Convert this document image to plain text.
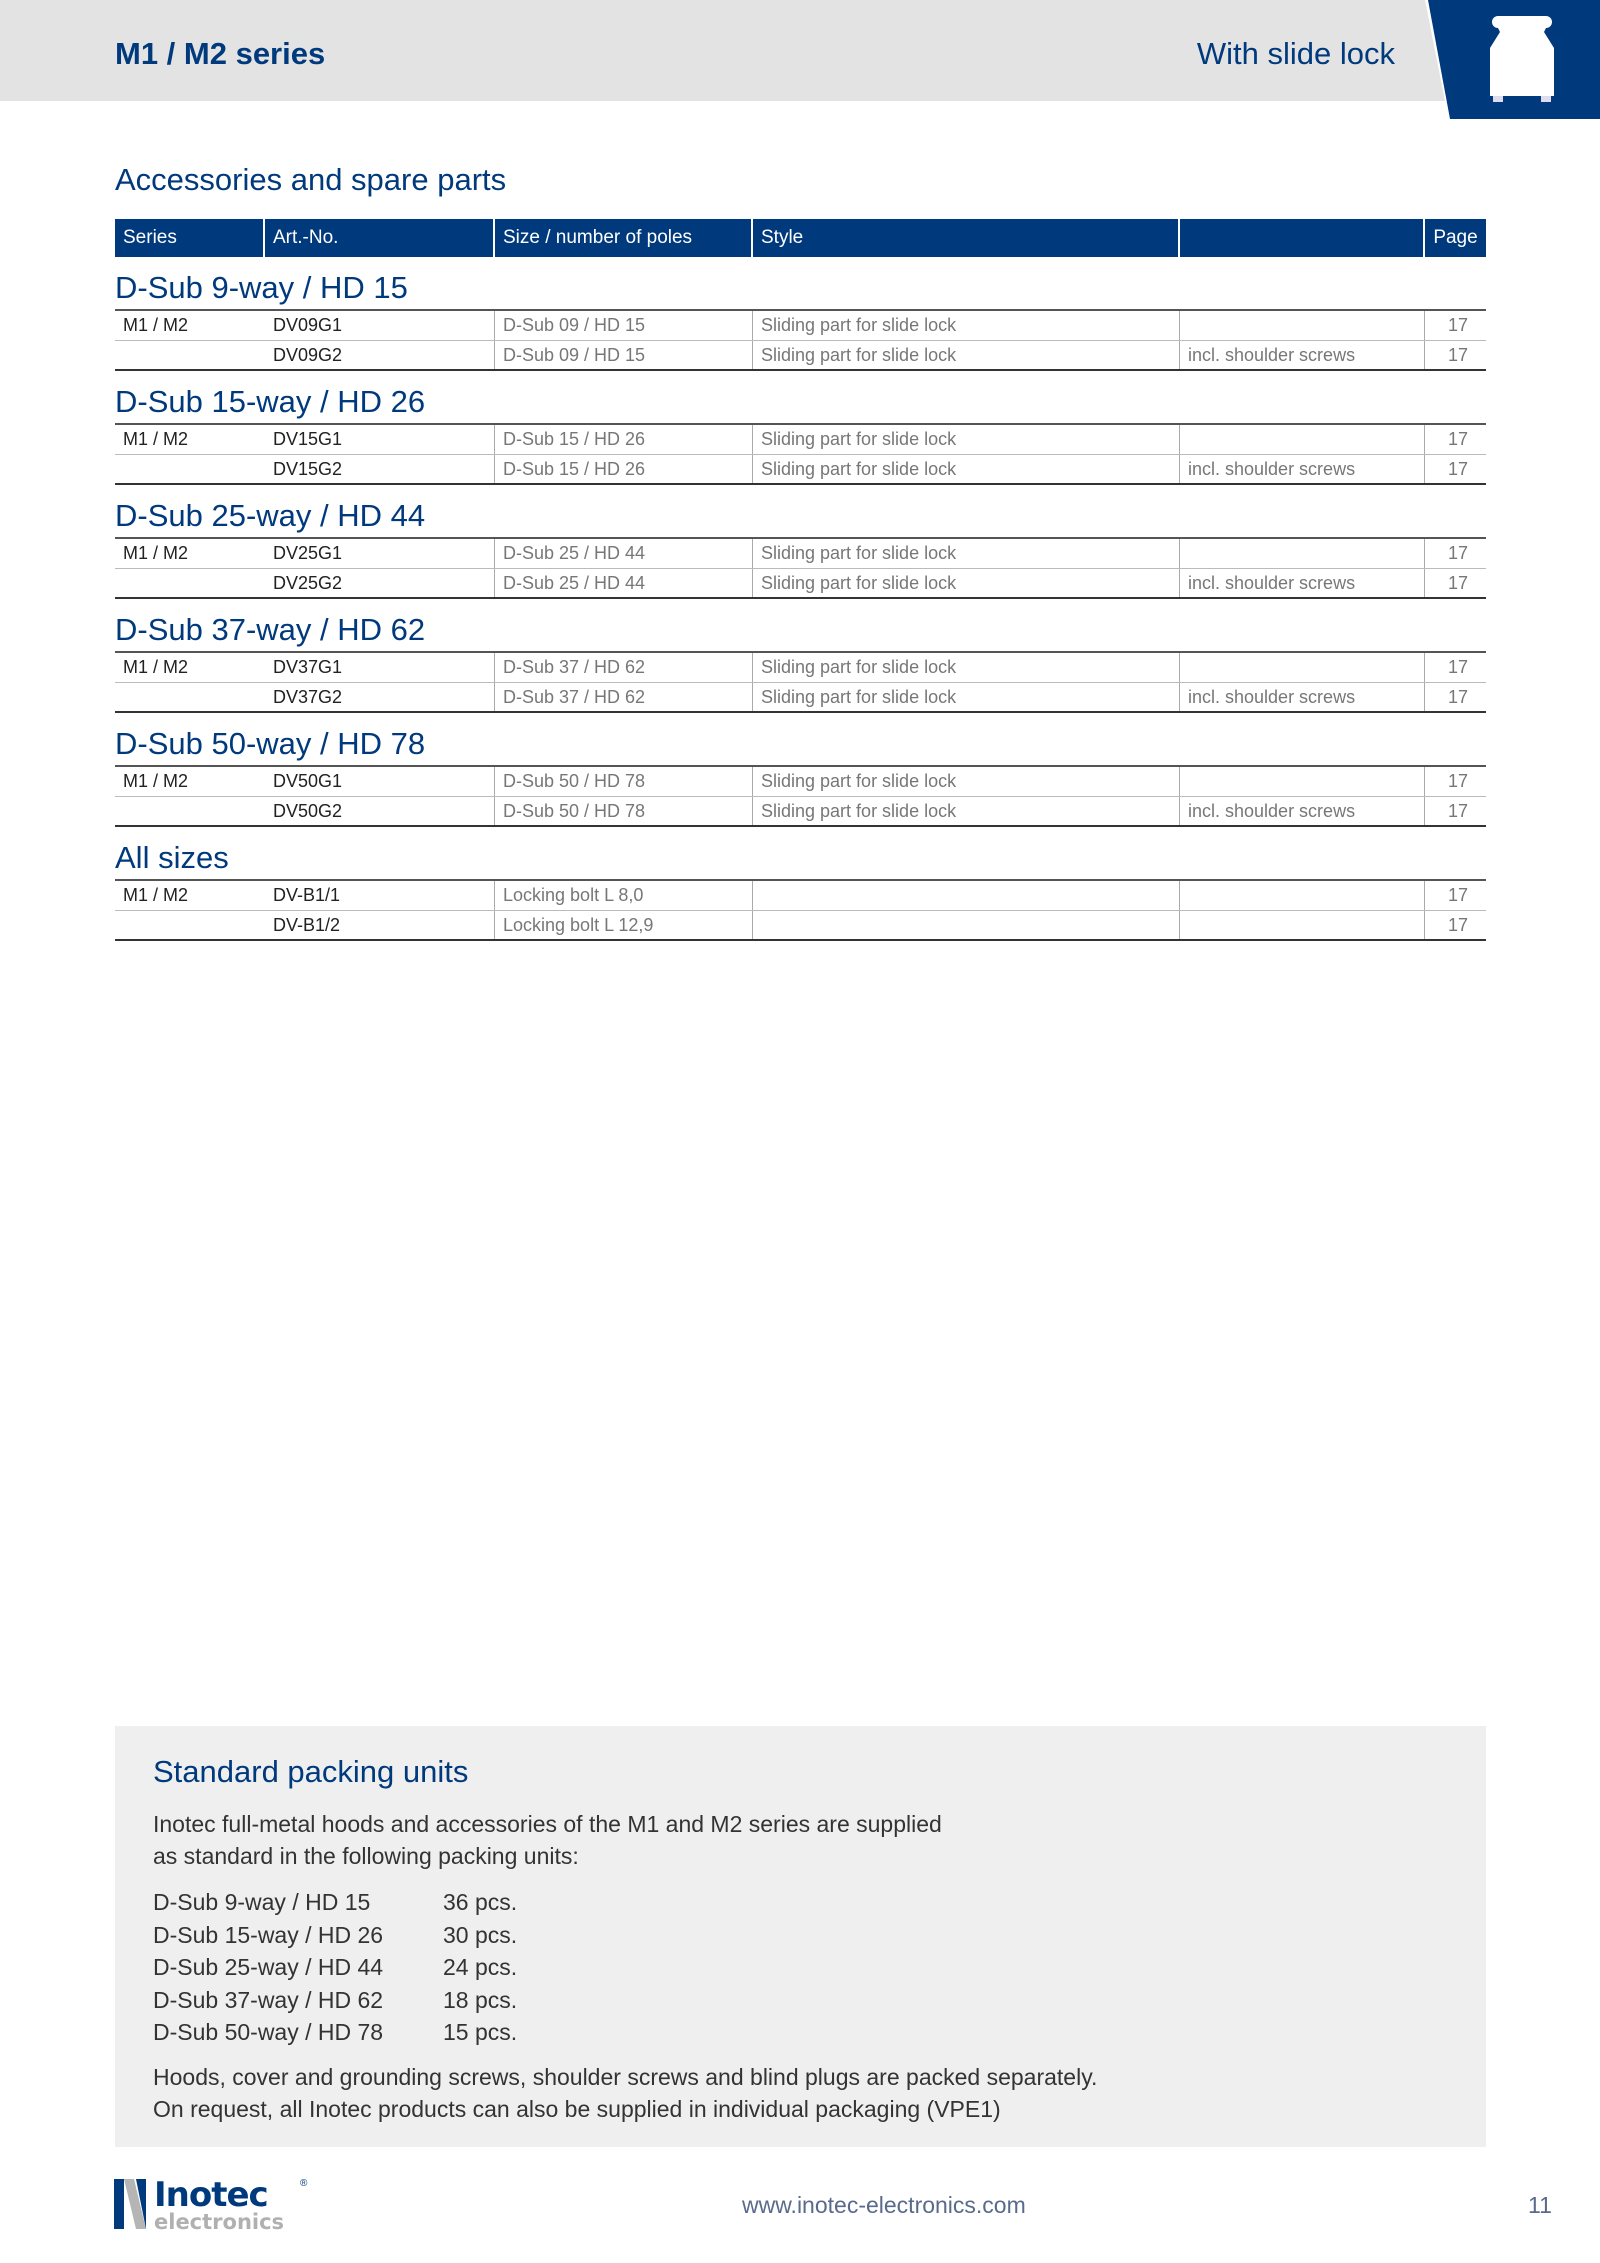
M1 / M2 series	With slide lock
Accessories and spare parts
Series	Art.-No.	Size / number of poles	Style	Page
D-Sub 9-way / HD 15
M1 / M2	DV09G1	D-Sub 09 / HD 15	Sliding part for slide lock	17
DV09G2	D-Sub 09 / HD 15	Sliding part for slide lock	incl. shoulder screws	17
D-Sub 15-way / HD 26
M1 / M2	DV15G1	D-Sub 15 / HD 26	Sliding part for slide lock	17
DV15G2	D-Sub 15 / HD 26	Sliding part for slide lock	incl. shoulder screws	17
D-Sub 25-way / HD 44
M1 / M2	DV25G1	D-Sub 25 / HD 44	Sliding part for slide lock	17
DV25G2	D-Sub 25 / HD 44	Sliding part for slide lock	incl. shoulder screws	17
D-Sub 37-way / HD 62
M1 / M2	DV37G1	D-Sub 37 / HD 62	Sliding part for slide lock	17
DV37G2	D-Sub 37 / HD 62	Sliding part for slide lock	incl. shoulder screws	17
D-Sub 50-way / HD 78
M1 / M2	DV50G1	D-Sub 50 / HD 78	Sliding part for slide lock	17
DV50G2	D-Sub 50 / HD 78	Sliding part for slide lock	incl. shoulder screws	17
All sizes
M1 / M2	DV-B1/1	Locking bolt L 8,0	17
DV-B1/2	Locking bolt L 12,9	17
Standard packing units

Inotec full-metal hoods and accessories of the M1 and M2 series are supplied

as standard in the following packing units:

D-Sub 9-way / HD 15	36 pcs.
D-Sub 15-way / HD 26	30 pcs.
D-Sub 25-way / HD 44	24 pcs.
D-Sub 37-way / HD 62	18 pcs.
D-Sub 50-way / HD 78	15 pcs.

Hoods, cover and grounding screws, shoulder screws and blind plugs are packed separately.

On request, all Inotec products can also be supplied in individual packaging (VPE1)

Inotec
electronics
®
www.inotec-electronics.com	11
